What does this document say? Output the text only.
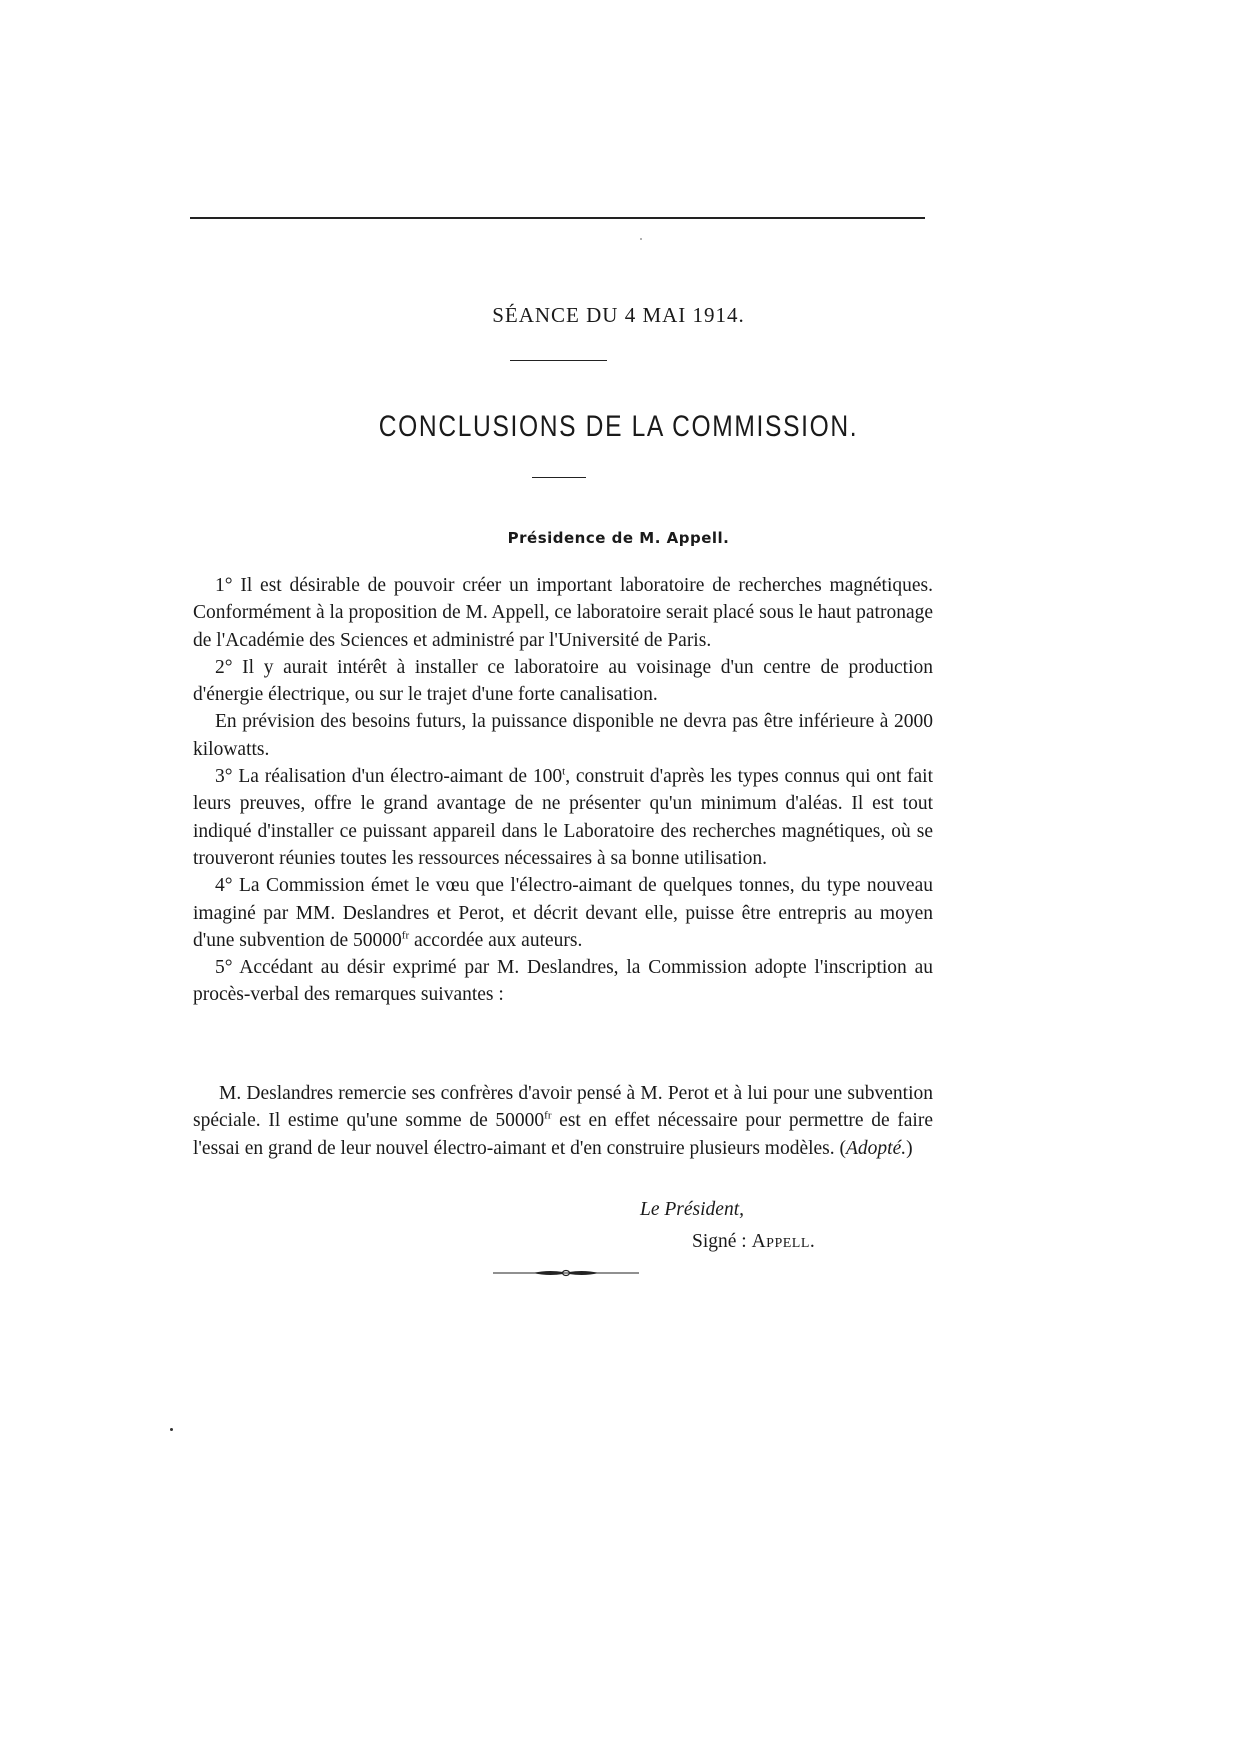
SÉANCE DU 4 MAI 1914.
CONCLUSIONS DE LA COMMISSION.
Présidence de M. Appell.

1° Il est désirable de pouvoir créer un important laboratoire de recherches magnétiques. Conformément à la proposition de M. Appell, ce laboratoire serait placé sous le haut patronage de l'Académie des Sciences et administré par l'Université de Paris.

2° Il y aurait intérêt à installer ce laboratoire au voisinage d'un centre de production d'énergie électrique, ou sur le trajet d'une forte canalisation.

En prévision des besoins futurs, la puissance disponible ne devra pas être inférieure à 2000 kilowatts.

3° La réalisation d'un électro-aimant de 100$^t$, construit d'après les types connus qui ont fait leurs preuves, offre le grand avantage de ne présenter qu'un minimum d'aléas. Il est tout indiqué d'installer ce puissant appareil dans le Laboratoire des recherches magnétiques, où se trouveront réunies toutes les ressources nécessaires à sa bonne utilisation.

4° La Commission émet le vœu que l'électro-aimant de quelques tonnes, du type nouveau imaginé par MM. Deslandres et Perot, et décrit devant elle, puisse être entrepris au moyen d'une subvention de $50000^{fr}$ accordée aux auteurs.

5° Accédant au désir exprimé par M. Deslandres, la Commission adopte l'inscription au procès-verbal des remarques suivantes :

M. Deslandres remercie ses confrères d'avoir pensé à M. Perot et à lui pour une subvention spéciale. Il estime qu'une somme de $50000^{fr}$ est en effet nécessaire pour permettre de faire l'essai en grand de leur nouvel électro-aimant et d'en construire plusieurs modèles. (Adopté.)

Le Président,
Signé : Appell.
